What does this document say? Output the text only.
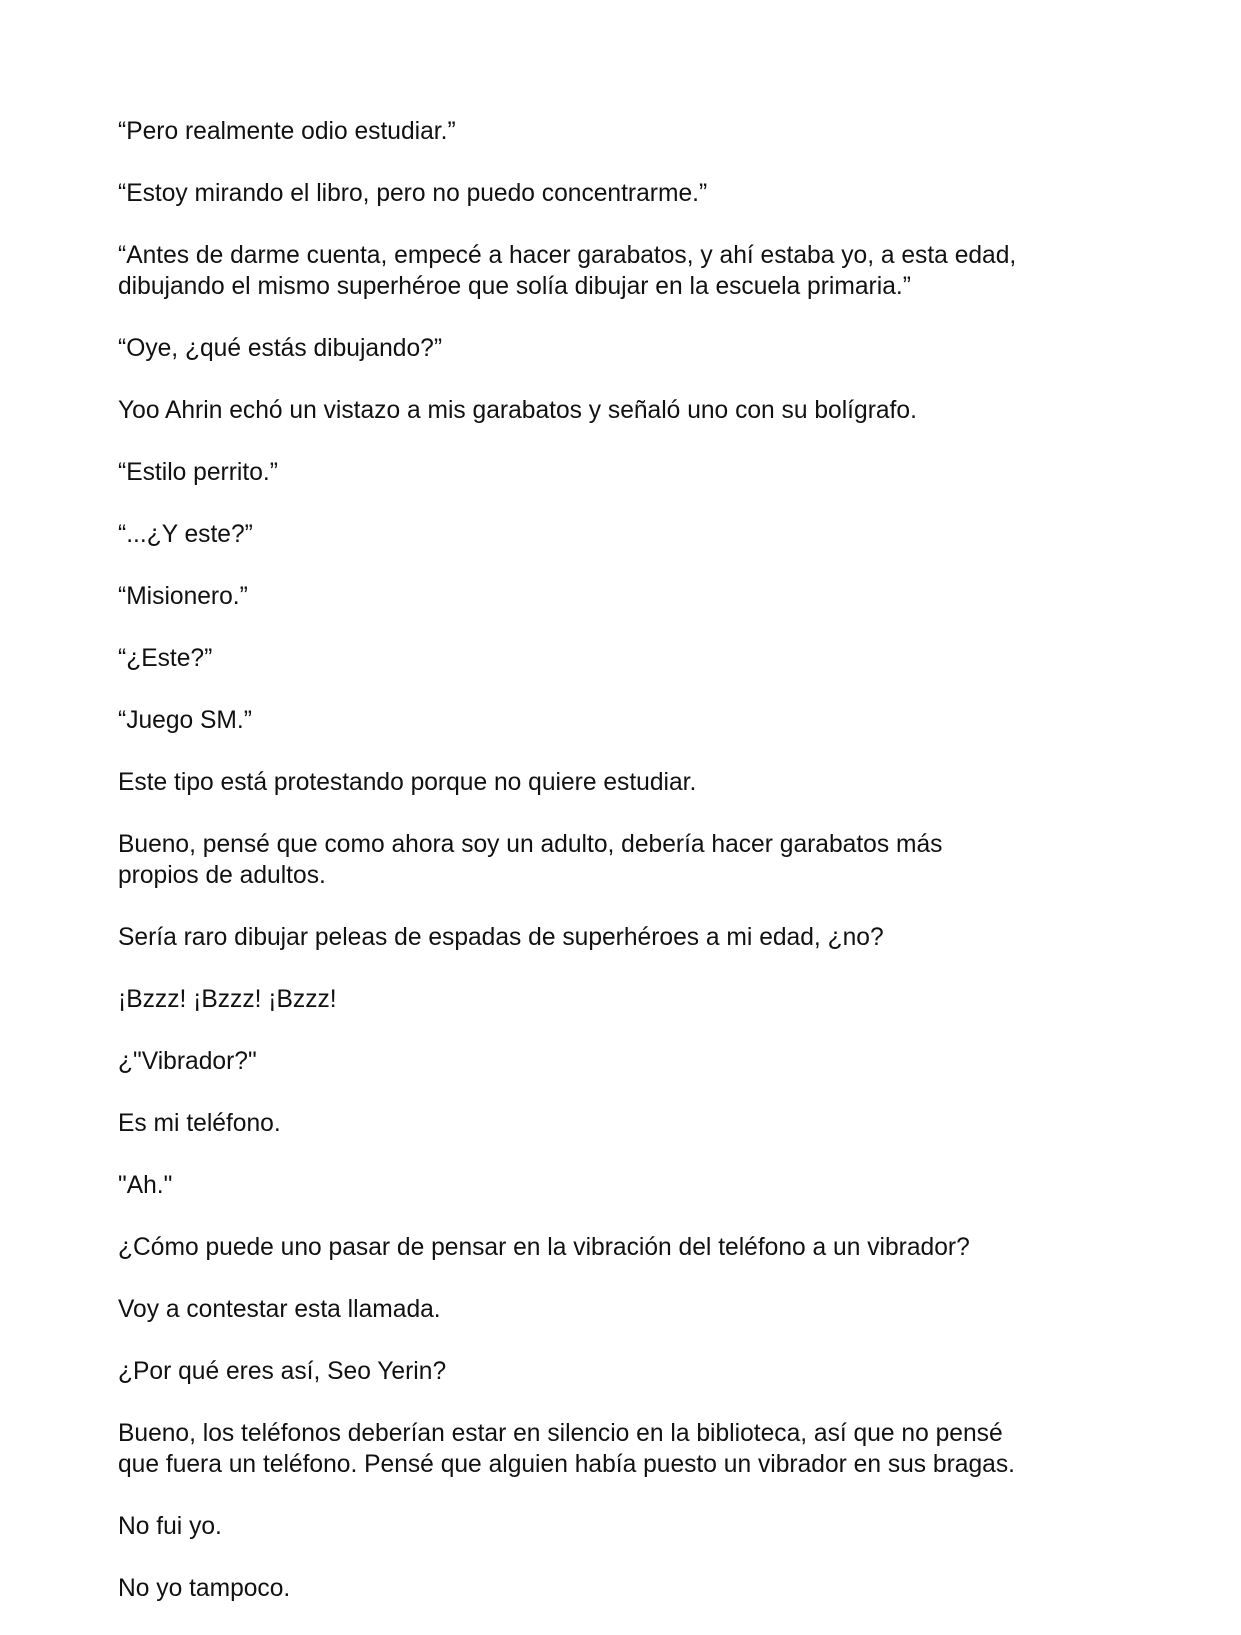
“Pero realmente odio estudiar.”

“Estoy mirando el libro, pero no puedo concentrarme.”

“Antes de darme cuenta, empecé a hacer garabatos, y ahí estaba yo, a esta edad,
dibujando el mismo superhéroe que solía dibujar en la escuela primaria.”

“Oye, ¿qué estás dibujando?”

Yoo Ahrin echó un vistazo a mis garabatos y señaló uno con su bolígrafo.

“Estilo perrito.”

“...¿Y este?”

“Misionero.”

“¿Este?”

“Juego SM.”

Este tipo está protestando porque no quiere estudiar.

Bueno, pensé que como ahora soy un adulto, debería hacer garabatos más
propios de adultos.

Sería raro dibujar peleas de espadas de superhéroes a mi edad, ¿no?

¡Bzzz! ¡Bzzz! ¡Bzzz!

¿"Vibrador?"

Es mi teléfono.

"Ah."

¿Cómo puede uno pasar de pensar en la vibración del teléfono a un vibrador?

Voy a contestar esta llamada.

¿Por qué eres así, Seo Yerin?

Bueno, los teléfonos deberían estar en silencio en la biblioteca, así que no pensé
que fuera un teléfono. Pensé que alguien había puesto un vibrador en sus bragas.

No fui yo.

No yo tampoco.
